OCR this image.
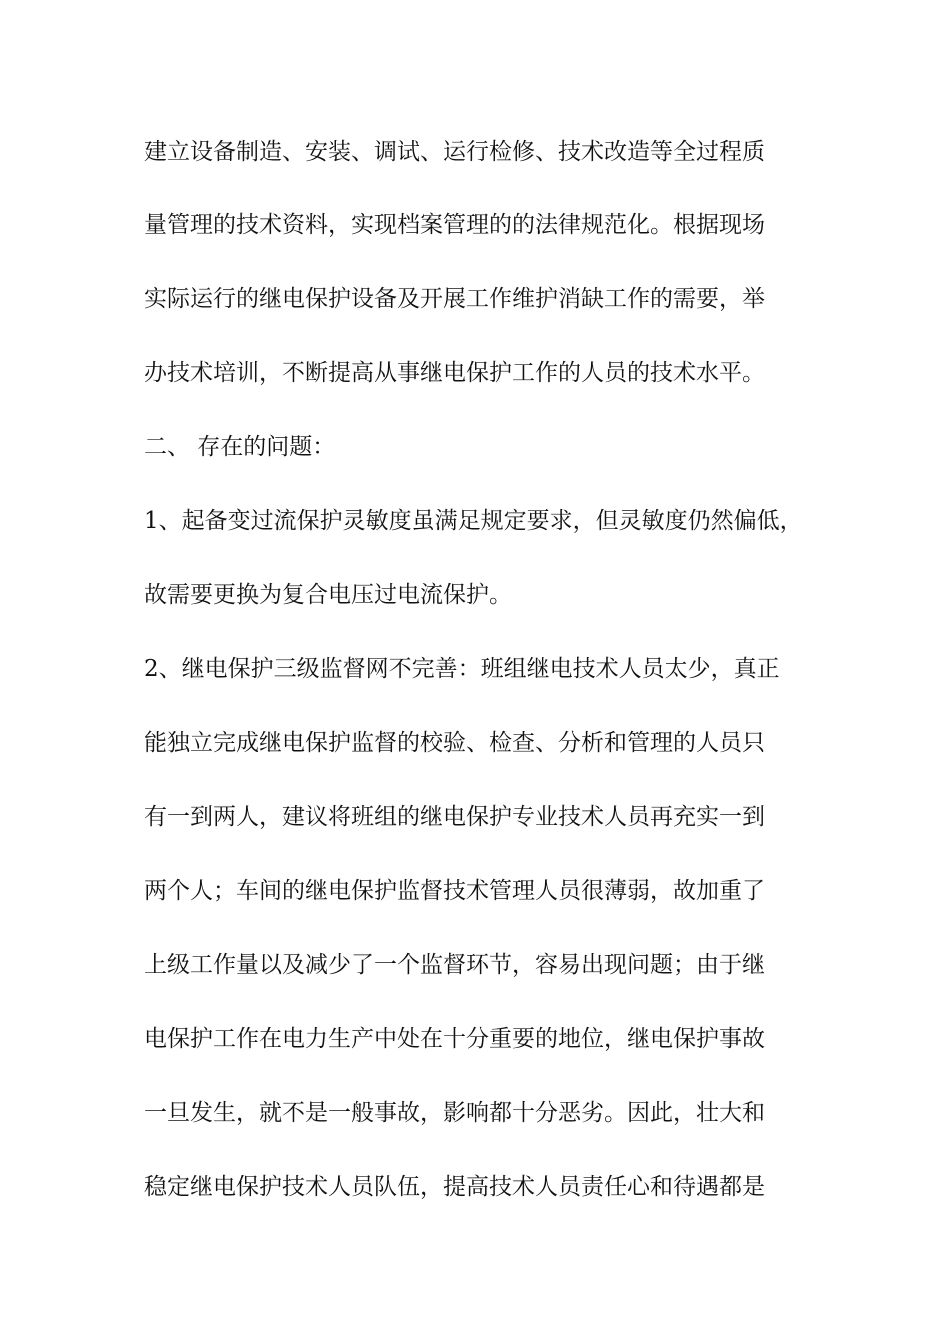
建立设备制造、安装、调试、运行检修、技术改造等全过程质

量管理的技术资料，实现档案管理的的法律规范化。根据现场

实际运行的继电保护设备及开展工作维护消缺工作的需要，举

办技术培训，不断提高从事继电保护工作的人员的技术水平。

二、 存在的问题：

1、起备变过流保护灵敏度虽满足规定要求，但灵敏度仍然偏低，

故需要更换为复合电压过电流保护。

2、继电保护三级监督网不完善：班组继电技术人员太少，真正

能独立完成继电保护监督的校验、检查、分析和管理的人员只

有一到两人，建议将班组的继电保护专业技术人员再充实一到

两个人；车间的继电保护监督技术管理人员很薄弱，故加重了

上级工作量以及减少了一个监督环节，容易出现问题；由于继

电保护工作在电力生产中处在十分重要的地位，继电保护事故

一旦发生，就不是一般事故，影响都十分恶劣。因此，壮大和

稳定继电保护技术人员队伍，提高技术人员责任心和待遇都是
